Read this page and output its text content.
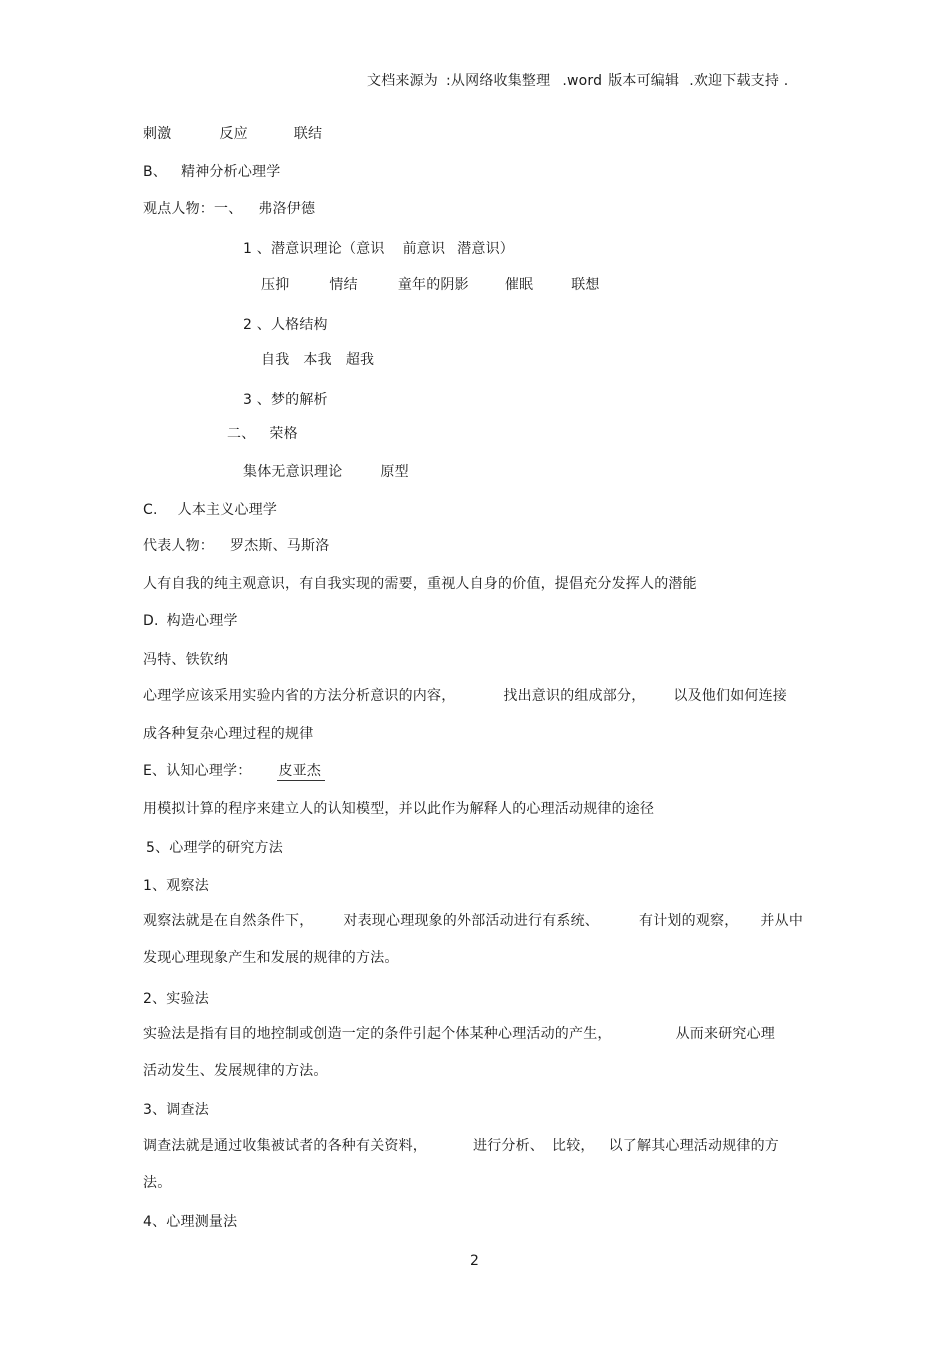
文档来源为 :从网络收集整理 .word 版本可编辑 .欢迎下载支持 .
刺激	反应	联结
B、 精神分析心理学
观点人物：一、 弗洛伊德
1 、潜意识理论（意识 前意识 潜意识）
压抑	情结	童年的阴影	催眠	联想
2 、人格结构
自我 本我 超我
3 、梦的解析
二、 荣格
集体无意识理论	原型
C. 人本主义心理学
代表人物： 罗杰斯、马斯洛
人有自我的纯主观意识，有自我实现的需要，重视人自身的价值，提倡充分发挥人的潜能
D. 构造心理学
冯特、铁钦纳
心理学应该采用实验内省的方法分析意识的内容，	找出意识的组成部分， 以及他们如何连接
成各种复杂心理过程的规律
E、认知心理学： 皮亚杰
用模拟计算的程序来建立人的认知模型，并以此作为解释人的心理活动规律的途径
5、心理学的研究方法
1、观察法
观察法就是在自然条件下， 对表现心理现象的外部活动进行有系统、	有计划的观察， 并从中
发现心理现象产生和发展的规律的方法。
2、实验法
实验法是指有目的地控制或创造一定的条件引起个体某种心理活动的产生，	从而来研究心理
活动发生、发展规律的方法。
3、调查法
调查法就是通过收集被试者的各种有关资料，	进行分析、 比较， 以了解其心理活动规律的方
法。
4、心理测量法
2
